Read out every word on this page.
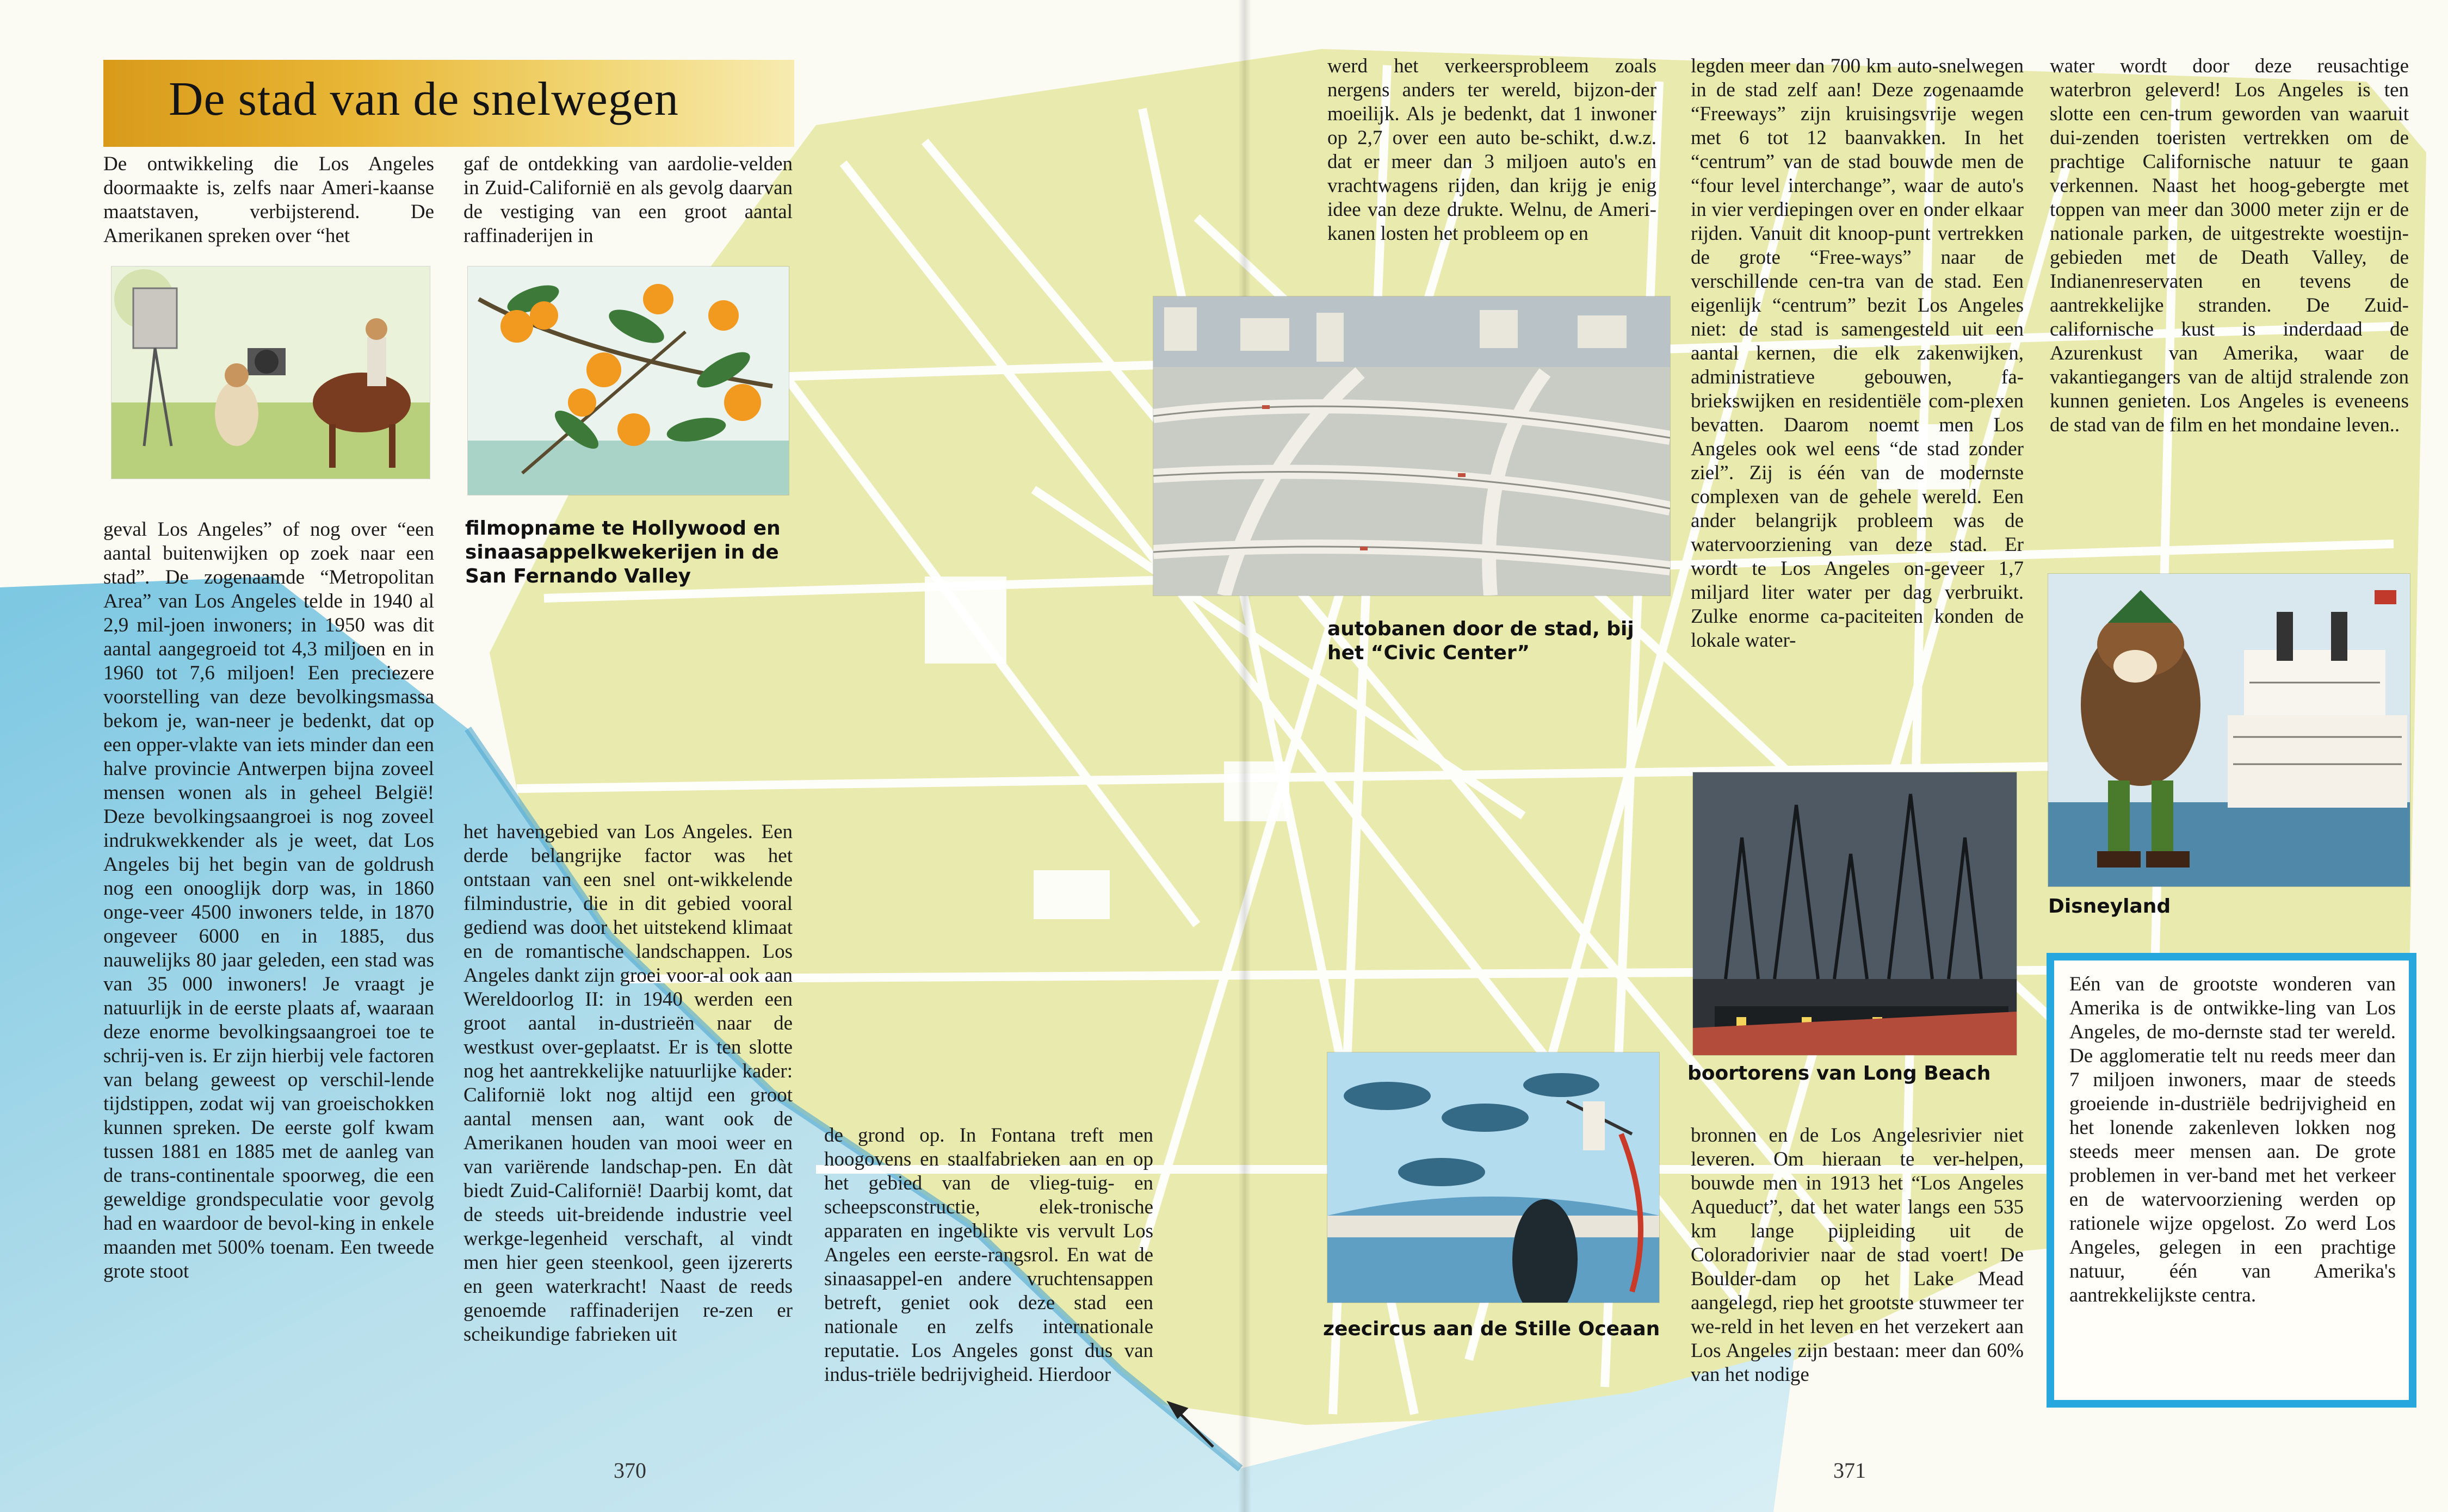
De stad van de snelwegen

De ontwikkeling die Los Angeles doormaakte is, zelfs naar Ameri-kaanse maatstaven, verbijsterend. De Amerikanen spreken over “het

geval Los Angeles” of nog over “een aantal buitenwijken op zoek naar een stad”. De zogenaamde “Metropolitan Area” van Los Angeles telde in 1940 al 2,9 mil-joen inwoners; in 1950 was dit aantal aangegroeid tot 4,3 miljoen en in 1960 tot 7,6 miljoen! Een preciezere voorstelling van deze bevolkingsmassa bekom je, wan-neer je bedenkt, dat op een opper-vlakte van iets minder dan een halve provincie Antwerpen bijna zoveel mensen wonen als in geheel België! Deze bevolkingsaangroei is nog zoveel indrukwekkender als je weet, dat Los Angeles bij het begin van de goldrush nog een onooglijk dorp was, in 1860 onge-veer 4500 inwoners telde, in 1870 ongeveer 6000 en in 1885, dus nauwelijks 80 jaar geleden, een stad was van 35 000 inwoners! Je vraagt je natuurlijk in de eerste plaats af, waaraan deze enorme bevolkingsaangroei toe te schrij-ven is. Er zijn hierbij vele factoren van belang geweest op verschil-lende tijdstippen, zodat wij van groeischokken kunnen spreken. De eerste golf kwam tussen 1881 en 1885 met de aanleg van de trans-continentale spoorweg, die een geweldige grondspeculatie voor gevolg had en waardoor de bevol-king in enkele maanden met 500% toenam. Een tweede grote stoot

gaf de ontdekking van aardolie-velden in Zuid-Californië en als gevolg daarvan de vestiging van een groot aantal raffinaderijen in

filmopname te Hollywood en sinaasappelkwekerijen in de San Fernando Valley

het havengebied van Los Angeles. Een derde belangrijke factor was het ontstaan van een snel ont-wikkelende filmindustrie, die in dit gebied vooral gediend was door het uitstekend klimaat en de romantische landschappen. Los Angeles dankt zijn groei voor-al ook aan Wereldoorlog II: in 1940 werden een groot aantal in-dustrieën naar de westkust over-geplaatst. Er is ten slotte nog het aantrekkelijke natuurlijke kader: Californië lokt nog altijd een groot aantal mensen aan, want ook de Amerikanen houden van mooi weer en van variërende landschap-pen. En dàt biedt Zuid-Californië! Daarbij komt, dat de steeds uit-breidende industrie veel werkge-legenheid verschaft, al vindt men hier geen steenkool, geen ijzererts en geen waterkracht! Naast de reeds genoemde raffinaderijen re-zen er scheikundige fabrieken uit

de grond op. In Fontana treft men hoogovens en staalfabrieken aan en op het gebied van de vlieg-tuig- en scheepsconstructie, elek-tronische apparaten en ingeblikte vis vervult Los Angeles een eerste-rangsrol. En wat de sinaasappel-en andere vruchtensappen betreft, geniet ook deze stad een nationale en zelfs internationale reputatie. Los Angeles gonst dus van indus-triële bedrijvigheid. Hierdoor

370

werd het verkeersprobleem zoals nergens anders ter wereld, bijzon-der moeilijk. Als je bedenkt, dat 1 inwoner op 2,7 over een auto be-schikt, d.w.z. dat er meer dan 3 miljoen auto's en vrachtwagens rijden, dan krijg je enig idee van deze drukte. Welnu, de Ameri-kanen losten het probleem op en

autobanen door de stad, bij het “Civic Center”

zeecircus aan de Stille Oceaan

legden meer dan 700 km auto-snelwegen in de stad zelf aan! Deze zogenaamde “Freeways” zijn kruisingsvrije wegen met 6 tot 12 baanvakken. In het “centrum” van de stad bouwde men de “four level interchange”, waar de auto's in vier verdiepingen over en onder elkaar rijden. Vanuit dit knoop-punt vertrekken de grote “Free-ways” naar de verschillende cen-tra van de stad. Een eigenlijk “centrum” bezit Los Angeles niet: de stad is samengesteld uit een aantal kernen, die elk zakenwijken, administratieve gebouwen, fa-briekswijken en residentiële com-plexen bevatten. Daarom noemt men Los Angeles ook wel eens “de stad zonder ziel”. Zij is één van de modernste complexen van de gehele wereld. Een ander belangrijk probleem was de watervoorziening van deze stad. Er wordt te Los Angeles on-geveer 1,7 miljard liter water per dag verbruikt. Zulke enorme ca-paciteiten konden de lokale water-

boortorens van Long Beach

bronnen en de Los Angelesrivier niet leveren. Om hieraan te ver-helpen, bouwde men in 1913 het “Los Angeles Aqueduct”, dat het water langs een 535 km lange pijpleiding uit de Coloradorivier naar de stad voert! De Boulder-dam op het Lake Mead aangelegd, riep het grootste stuwmeer ter we-reld in het leven en het verzekert aan Los Angeles zijn bestaan: meer dan 60% van het nodige

371

water wordt door deze reusachtige waterbron geleverd! Los Angeles is ten slotte een cen-trum geworden van waaruit dui-zenden toeristen vertrekken om de prachtige Californische natuur te gaan verkennen. Naast het hoog-gebergte met toppen van meer dan 3000 meter zijn er de nationale parken, de uitgestrekte woestijn-gebieden met de Death Valley, de Indianenreservaten en tevens de aantrekkelijke stranden. De Zuid-californische kust is inderdaad de Azurenkust van Amerika, waar de vakantiegangers van de altijd stralende zon kunnen genieten. Los Angeles is eveneens de stad van de film en het mondaine leven..

Disneyland

Eén van de grootste wonderen van Amerika is de ontwikke-ling van Los Angeles, de mo-dernste stad ter wereld. De agglomeratie telt nu reeds meer dan 7 miljoen inwoners, maar de steeds groeiende in-dustriële bedrijvigheid en het lonende zakenleven lokken nog steeds meer mensen aan. De grote problemen in ver-band met het verkeer en de watervoorziening werden op rationele wijze opgelost. Zo werd Los Angeles, gelegen in een prachtige natuur, één van Amerika's aantrekkelijkste centra.
